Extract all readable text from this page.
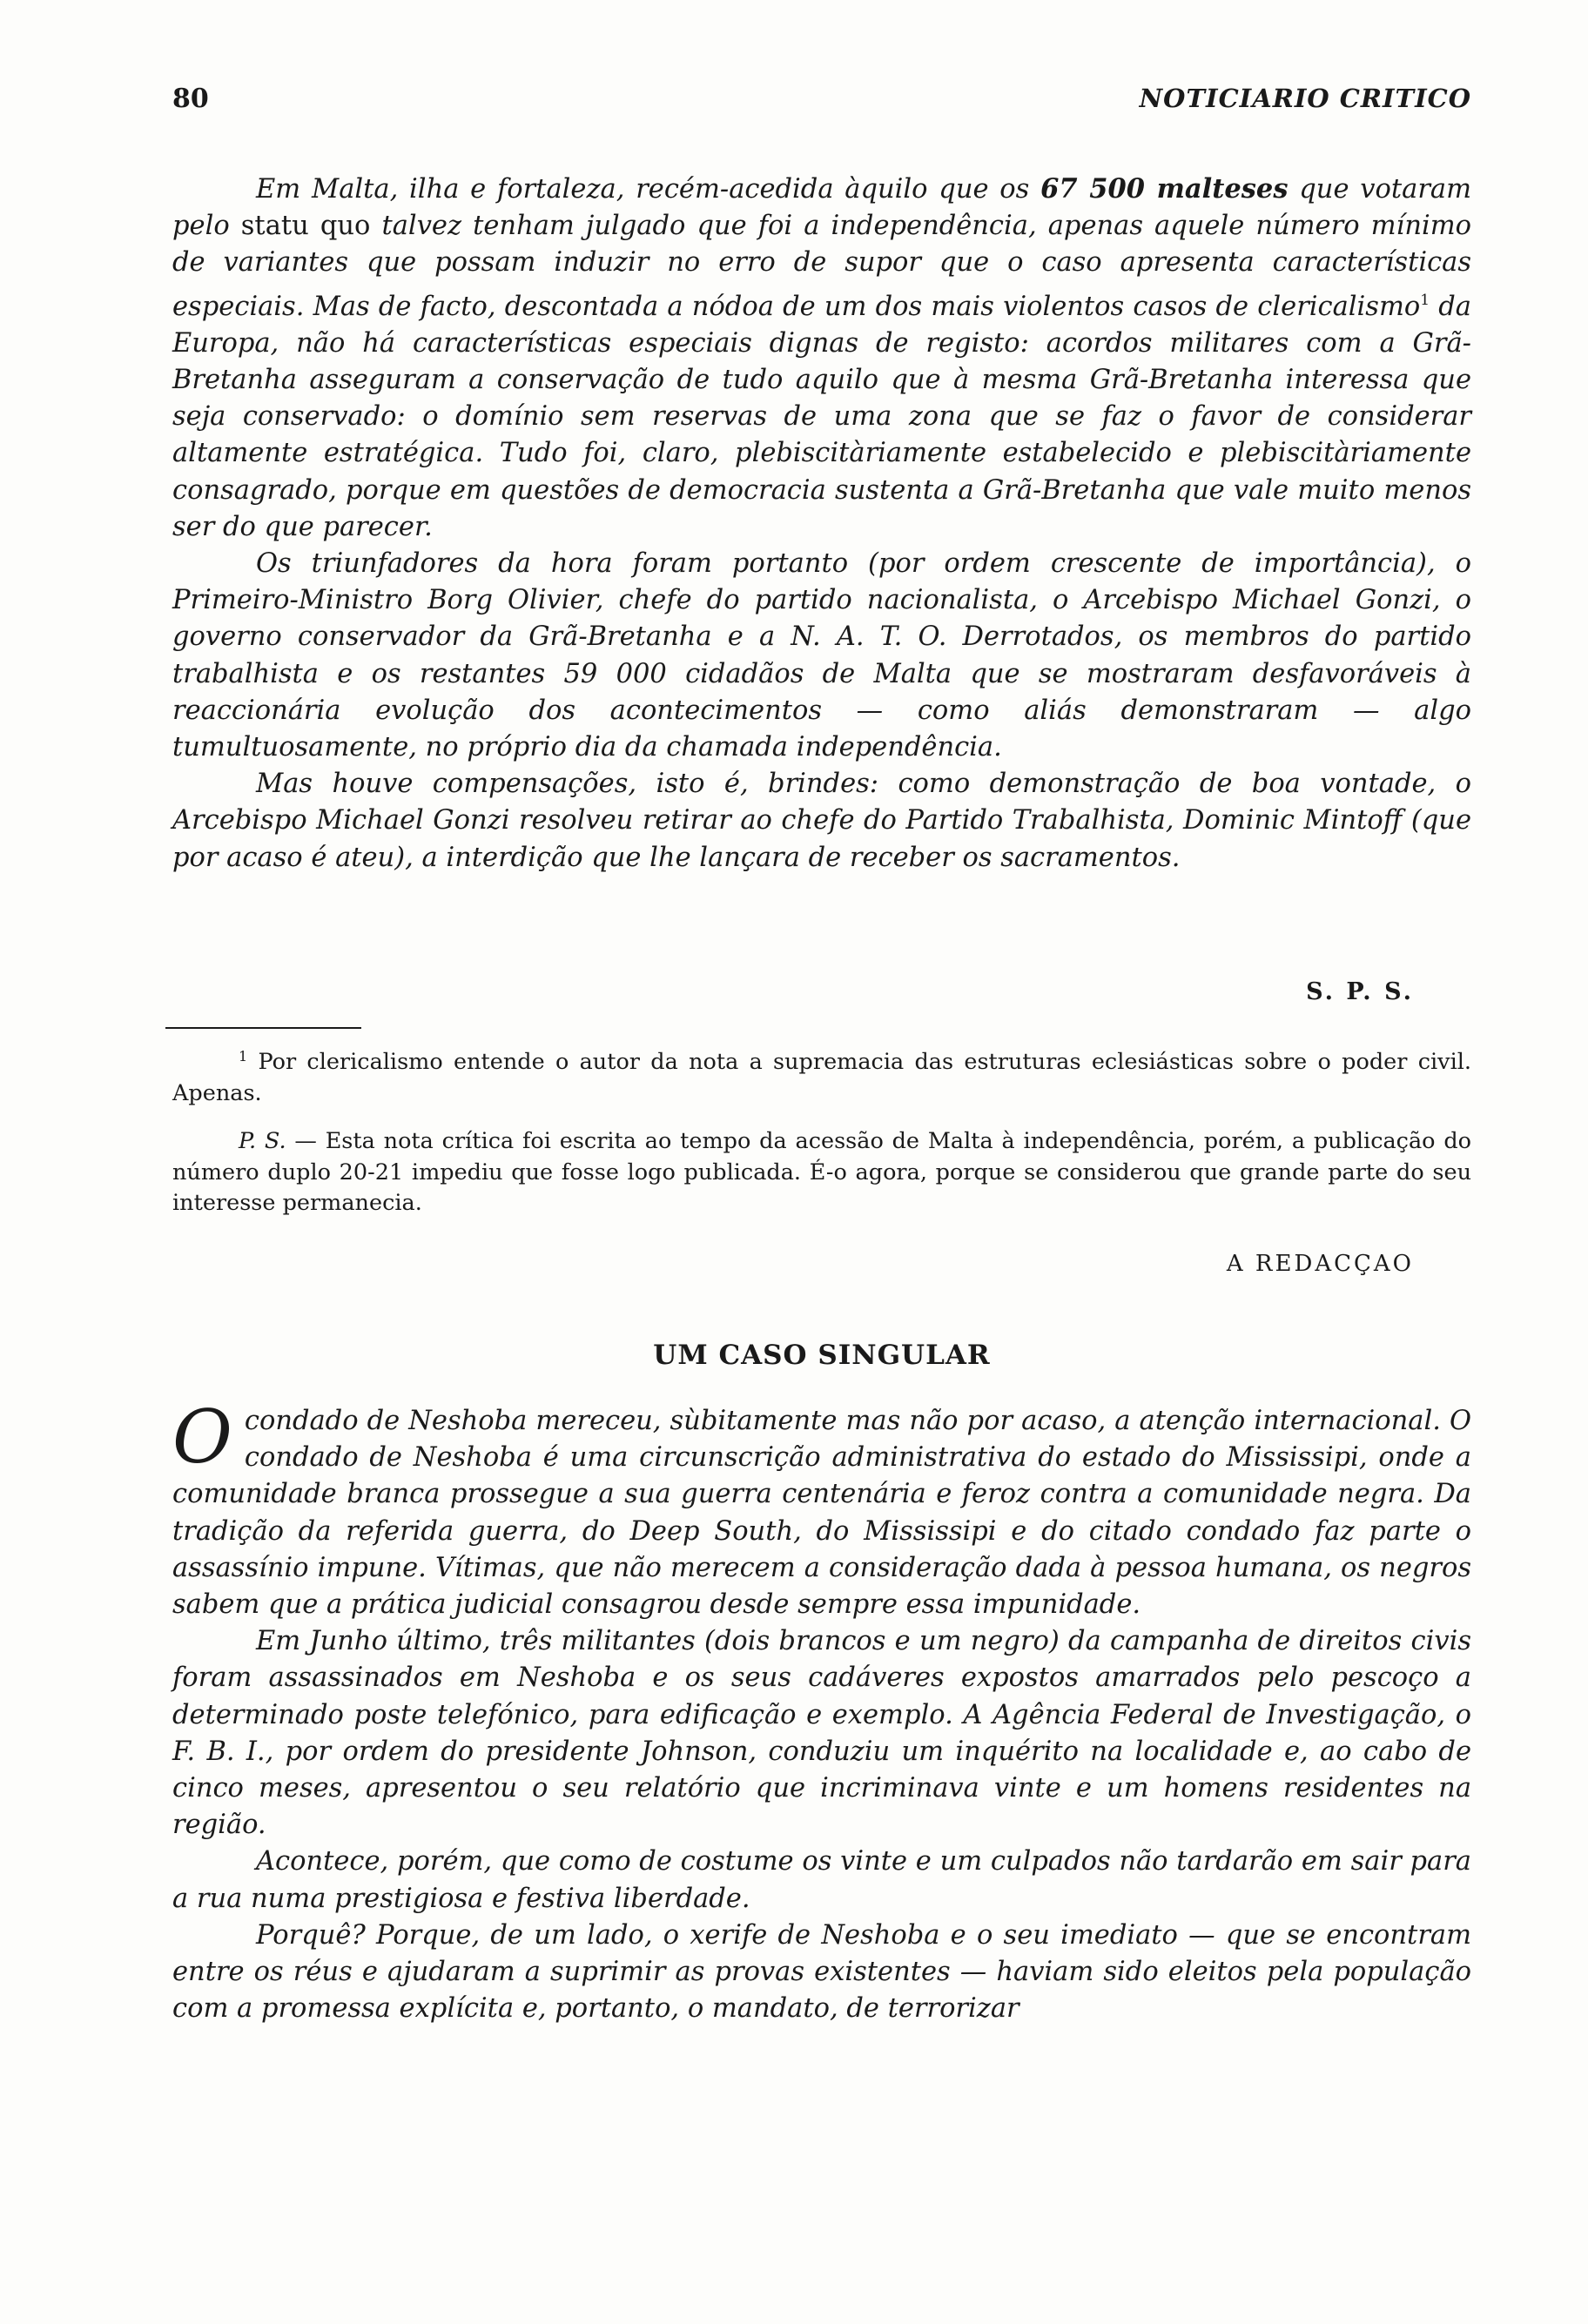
80	NOTICIARIO CRITICO

Em Malta, ilha e fortaleza, recém-acedida àquilo que os 67 500 malteses que votaram pelo statu quo talvez tenham julgado que foi a independência, apenas aquele número mínimo de variantes que possam induzir no erro de supor que o caso apresenta características especiais. Mas de facto, descontada a nódoa de um dos mais violentos casos de clericalismo$^1$ da Europa, não há características especiais dignas de registo: acordos militares com a Grã-Bretanha asseguram a conservação de tudo aquilo que à mesma Grã-Bretanha interessa que seja conservado: o domínio sem reservas de uma zona que se faz o favor de considerar altamente estratégica. Tudo foi, claro, plebiscitàriamente estabelecido e plebiscitàriamente consagrado, porque em questões de democracia sustenta a Grã-Bretanha que vale muito menos ser do que parecer.

Os triunfadores da hora foram portanto (por ordem crescente de importância), o Primeiro-Ministro Borg Olivier, chefe do partido nacionalista, o Arcebispo Michael Gonzi, o governo conservador da Grã-Bretanha e a N. A. T. O. Derrotados, os membros do partido trabalhista e os restantes 59 000 cidadãos de Malta que se mostraram desfavoráveis à reaccionária evolução dos acontecimentos — como aliás demonstraram — algo tumultuosamente, no próprio dia da chamada independência.

Mas houve compensações, isto é, brindes: como demonstração de boa vontade, o Arcebispo Michael Gonzi resolveu retirar ao chefe do Partido Trabalhista, Dominic Mintoff (que por acaso é ateu), a interdição que lhe lançara de receber os sacramentos.

S. P. S.

$^1$ Por clericalismo entende o autor da nota a supremacia das estruturas eclesiásticas sobre o poder civil. Apenas.

P. S. — Esta nota crítica foi escrita ao tempo da acessão de Malta à independência, porém, a publicação do número duplo 20-21 impediu que fosse logo publicada. É-o agora, porque se considerou que grande parte do seu interesse permanecia.

A REDACÇAO
UM CASO SINGULAR

O condado de Neshoba mereceu, sùbitamente mas não por acaso, a atenção internacional. O condado de Neshoba é uma circunscrição administrativa do estado do Mississipi, onde a comunidade branca prossegue a sua guerra centenária e feroz contra a comunidade negra. Da tradição da referida guerra, do Deep South, do Mississipi e do citado condado faz parte o assassínio impune. Vítimas, que não merecem a consideração dada à pessoa humana, os negros sabem que a prática judicial consagrou desde sempre essa impunidade.

Em Junho último, três militantes (dois brancos e um negro) da campanha de direitos civis foram assassinados em Neshoba e os seus cadáveres expostos amarrados pelo pescoço a determinado poste telefónico, para edificação e exemplo. A Agência Federal de Investigação, o F. B. I., por ordem do presidente Johnson, conduziu um inquérito na localidade e, ao cabo de cinco meses, apresentou o seu relatório que incriminava vinte e um homens residentes na região.

Acontece, porém, que como de costume os vinte e um culpados não tardarão em sair para a rua numa prestigiosa e festiva liberdade.

Porquê? Porque, de um lado, o xerife de Neshoba e o seu imediato — que se encontram entre os réus e ajudaram a suprimir as provas existentes — haviam sido eleitos pela população com a promessa explícita e, portanto, o mandato, de terrorizar
